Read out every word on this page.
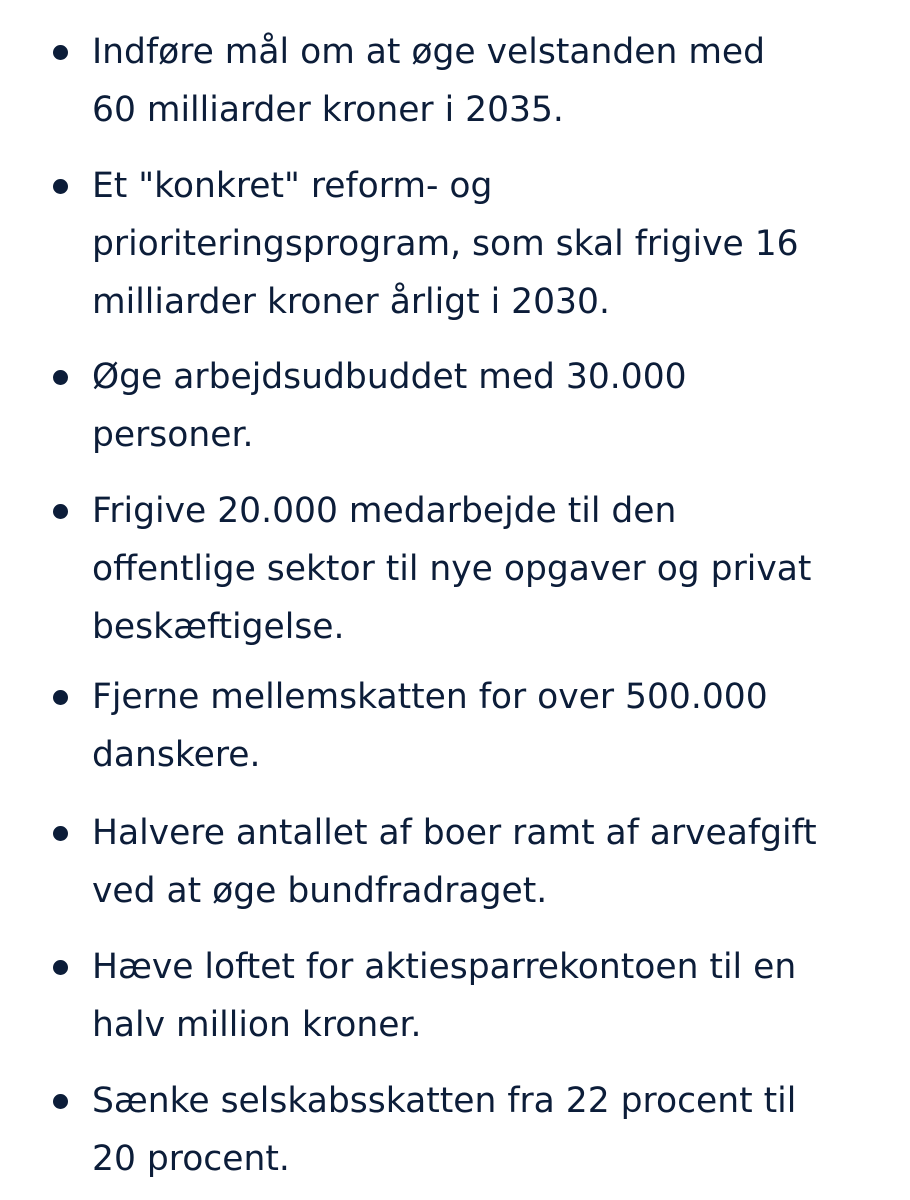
Indføre mål om at øge velstanden med
60 milliarder kroner i 2035.

Et "konkret" reform- og
prioriteringsprogram, som skal frigive 16
milliarder kroner årligt i 2030.

Øge arbejdsudbuddet med 30.000
personer.

Frigive 20.000 medarbejde til den
offentlige sektor til nye opgaver og privat
beskæftigelse.

Fjerne mellemskatten for over 500.000
danskere.

Halvere antallet af boer ramt af arveafgift
ved at øge bundfradraget.

Hæve loftet for aktiesparrekontoen til en
halv million kroner.

Sænke selskabsskatten fra 22 procent til
20 procent.
